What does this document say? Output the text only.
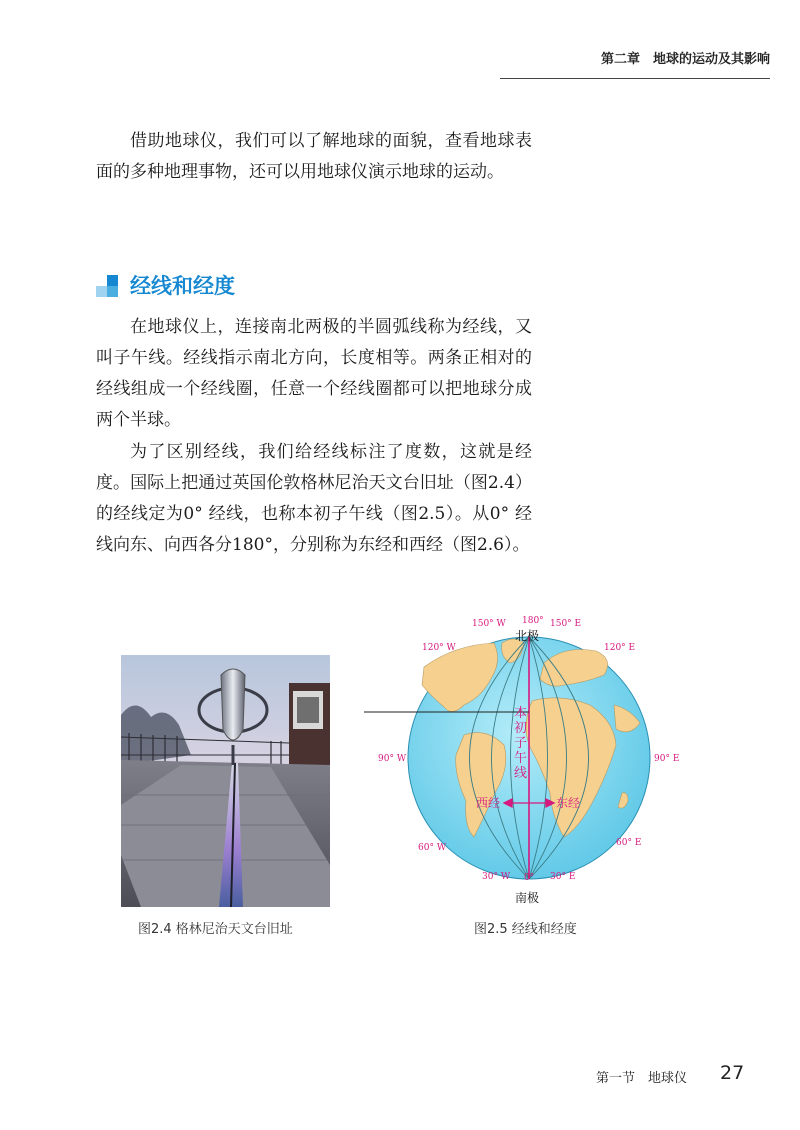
第二章　地球的运动及其影响

借助地球仪，我们可以了解地球的面貌，查看地球表面的多种地理事物，还可以用地球仪演示地球的运动。

经线和经度

在地球仪上，连接南北两极的半圆弧线称为经线，又叫子午线。经线指示南北方向，长度相等。两条正相对的经线组成一个经线圈，任意一个经线圈都可以把地球分成两个半球。

为了区别经线，我们给经线标注了度数，这就是经度。国际上把通过英国伦敦格林尼治天文台旧址（图2.4）的经线定为0° 经线，也称本初子午线（图2.5）。从0° 经线向东、向西各分180°，分别称为东经和西经（图2.6）。

150° W 180° 150° E
120° W	120° E
90° W	90° E
60° W	60° E
30° W 0° 30° E
北极
南极
本
初
子
午
线
西经	东经
图2.4 格林尼治天文台旧址	图2.5 经线和经度
第一节　地球仪 27
